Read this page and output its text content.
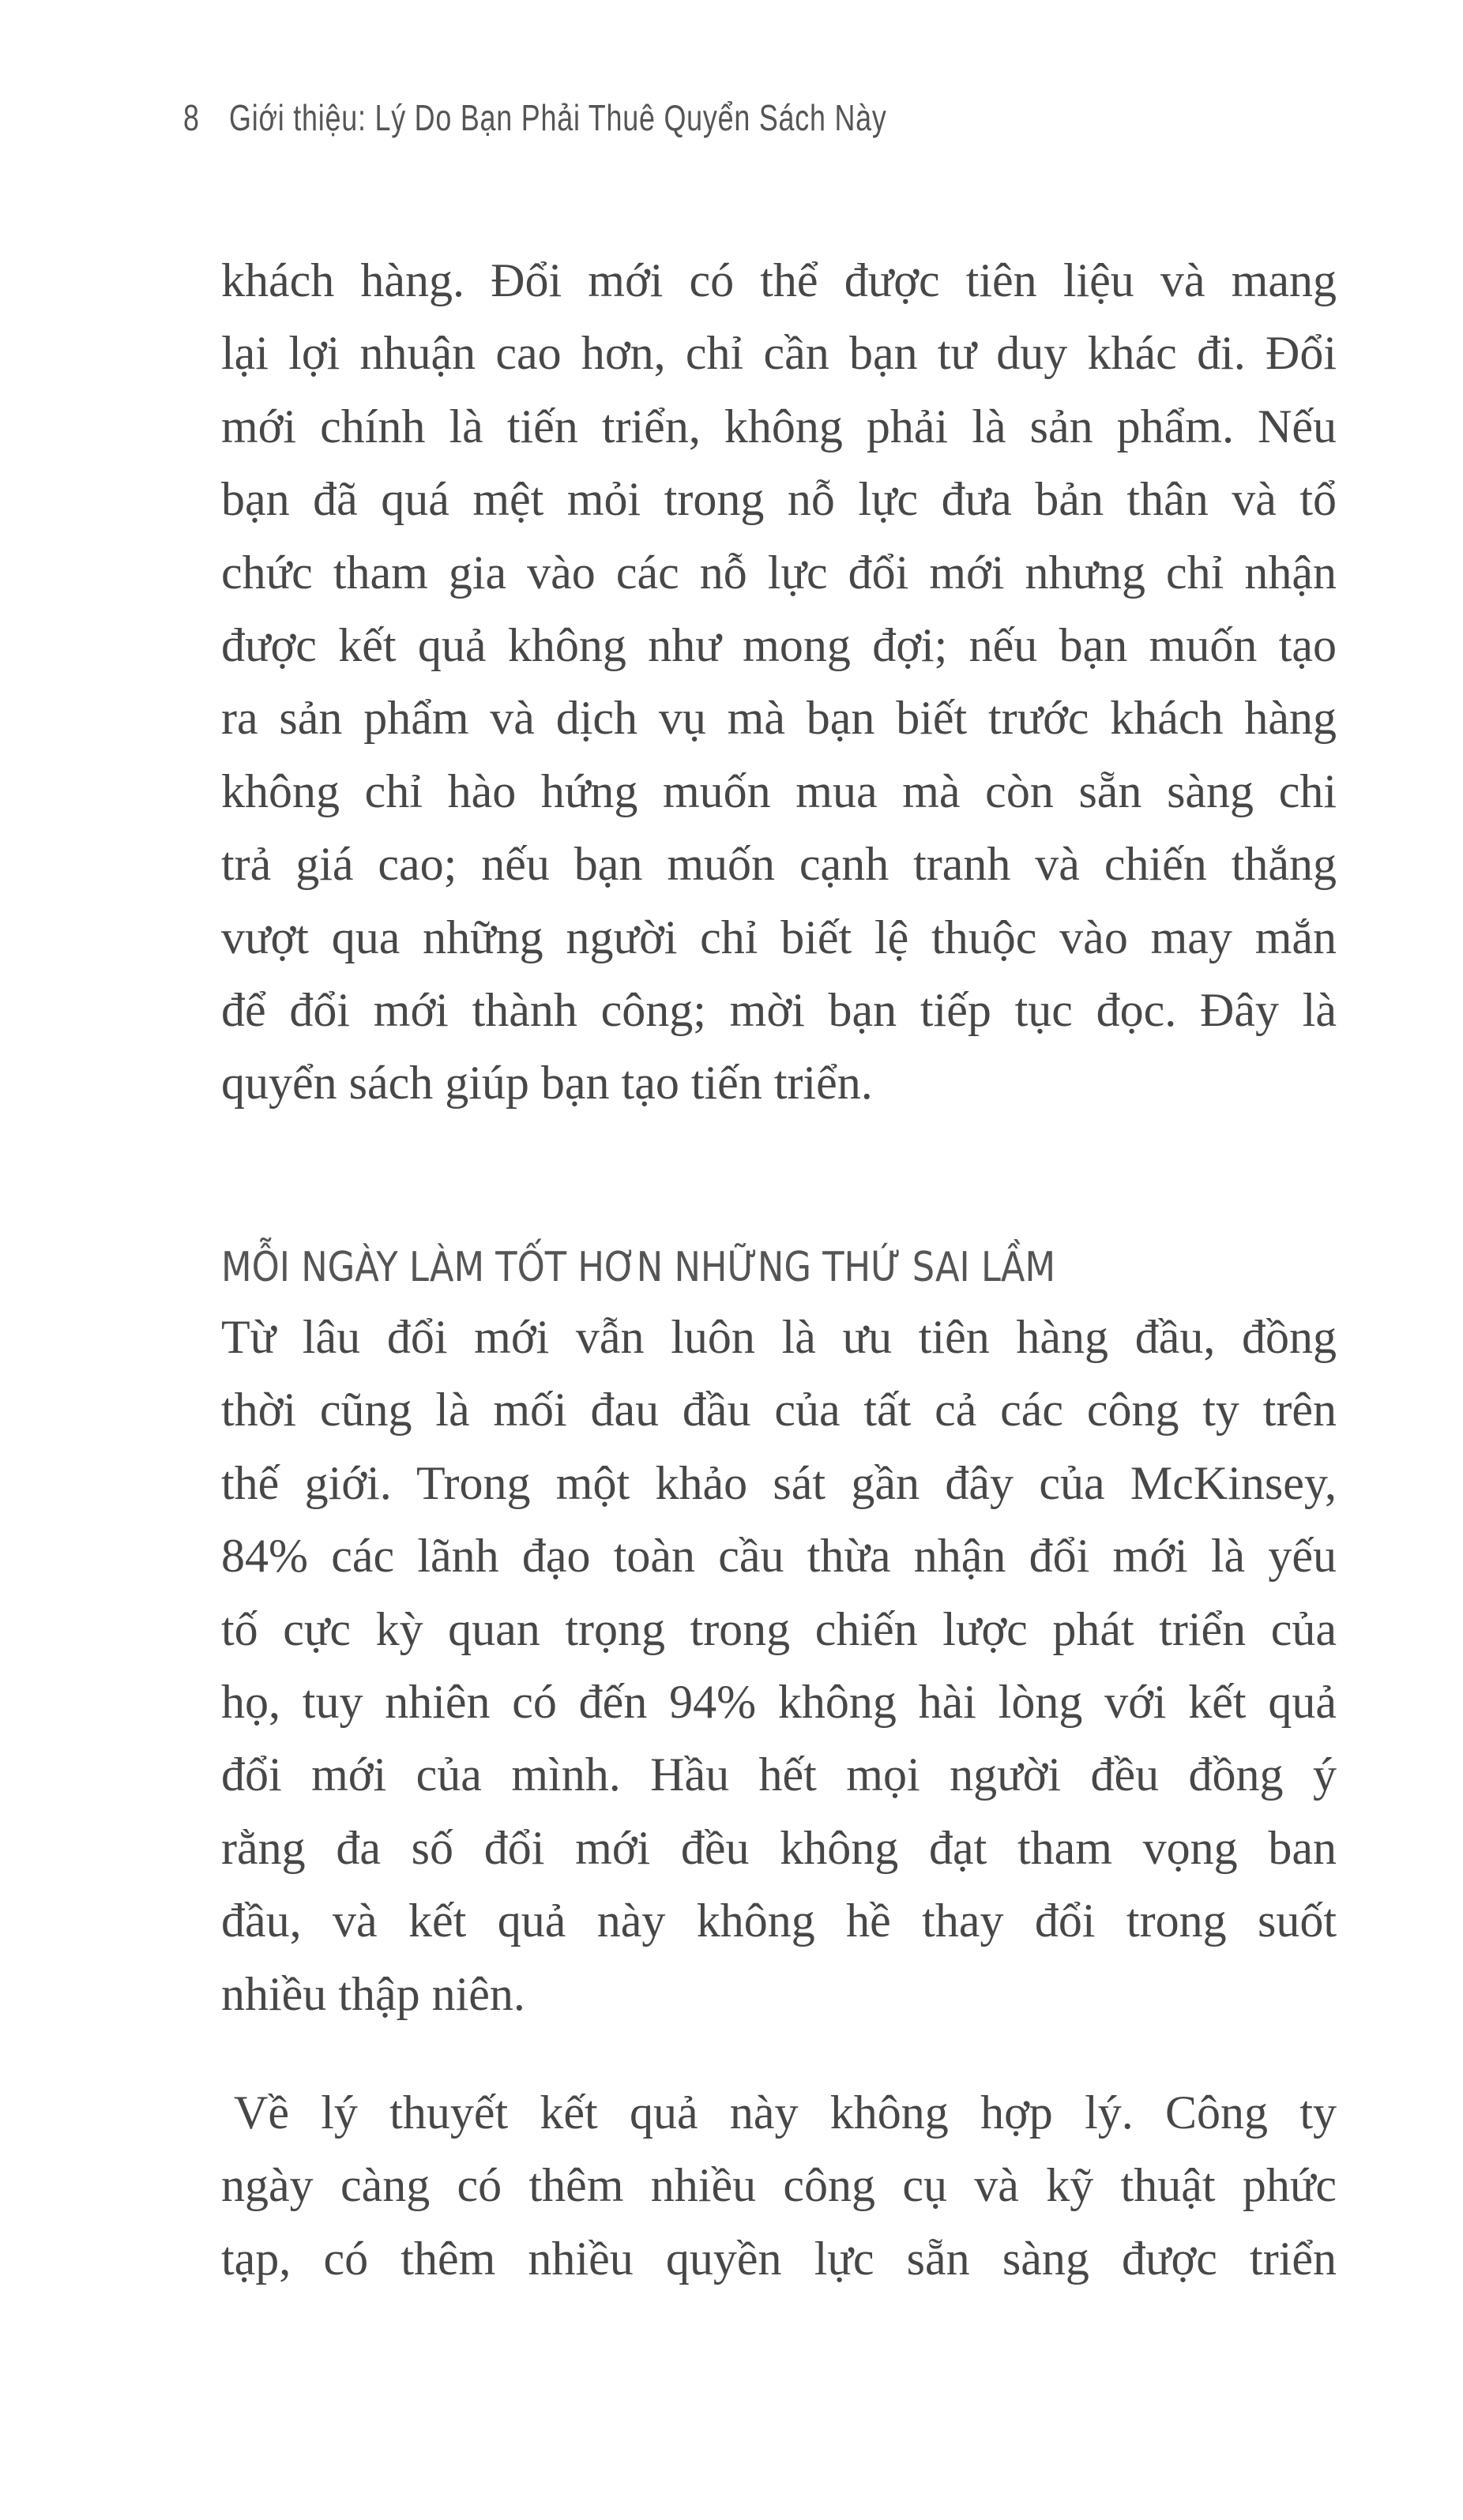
8 Giới thiệu: Lý Do Bạn Phải Thuê Quyển Sách Này
khách hàng. Đổi mới có thể được tiên liệu và mang
lại lợi nhuận cao hơn, chỉ cần bạn tư duy khác đi. Đổi
mới chính là tiến triển, không phải là sản phẩm. Nếu
bạn đã quá mệt mỏi trong nỗ lực đưa bản thân và tổ
chức tham gia vào các nỗ lực đổi mới nhưng chỉ nhận
được kết quả không như mong đợi; nếu bạn muốn tạo
ra sản phẩm và dịch vụ mà bạn biết trước khách hàng
không chỉ hào hứng muốn mua mà còn sẵn sàng chi
trả giá cao; nếu bạn muốn cạnh tranh và chiến thắng
vượt qua những người chỉ biết lệ thuộc vào may mắn
để đổi mới thành công; mời bạn tiếp tục đọc. Đây là
quyển sách giúp bạn tạo tiến triển.
MỖI NGÀY LÀM TỐT HƠN NHỮNG THỨ SAI LẦM
Từ lâu đổi mới vẫn luôn là ưu tiên hàng đầu, đồng
thời cũng là mối đau đầu của tất cả các công ty trên
thế giới. Trong một khảo sát gần đây của McKinsey,
84% các lãnh đạo toàn cầu thừa nhận đổi mới là yếu
tố cực kỳ quan trọng trong chiến lược phát triển của
họ, tuy nhiên có đến 94% không hài lòng với kết quả
đổi mới của mình. Hầu hết mọi người đều đồng ý
rằng đa số đổi mới đều không đạt tham vọng ban
đầu, và kết quả này không hề thay đổi trong suốt
nhiều thập niên.
Về lý thuyết kết quả này không hợp lý. Công ty
ngày càng có thêm nhiều công cụ và kỹ thuật phức
tạp, có thêm nhiều quyền lực sẵn sàng được triển
